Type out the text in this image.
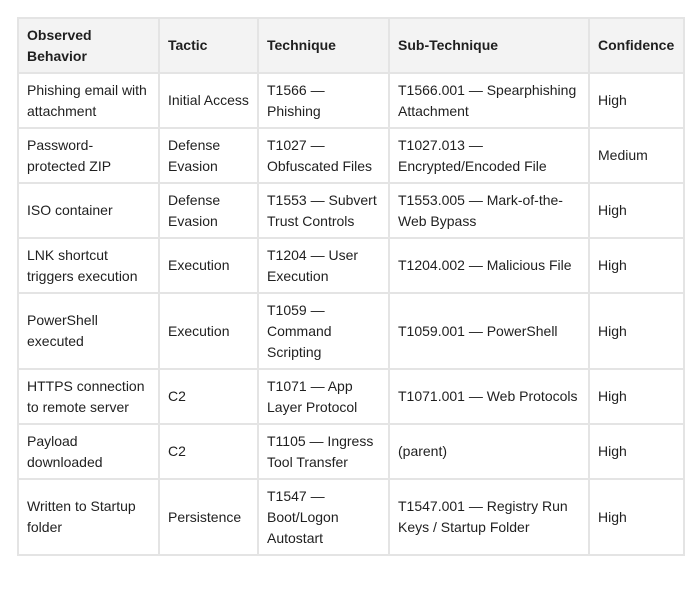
Observed Behavior	Tactic	Technique	Sub-Technique	Confidence
Phishing email with attachment	Initial Access	T1566 — Phishing	T1566.001 — Spearphishing Attachment	High
Password-protected ZIP	Defense Evasion	T1027 — Obfuscated Files	T1027.013 — Encrypted/Encoded File	Medium
ISO container	Defense Evasion	T1553 — Subvert Trust Controls	T1553.005 — Mark-of-the-Web Bypass	High
LNK shortcut triggers execution	Execution	T1204 — User Execution	T1204.002 — Malicious File	High
PowerShell executed	Execution	T1059 — Command Scripting	T1059.001 — PowerShell	High
HTTPS connection to remote server	C2	T1071 — App Layer Protocol	T1071.001 — Web Protocols	High
Payload downloaded	C2	T1105 — Ingress Tool Transfer	(parent)	High
Written to Startup folder	Persistence	T1547 — Boot/Logon Autostart	T1547.001 — Registry Run Keys / Startup Folder	High
